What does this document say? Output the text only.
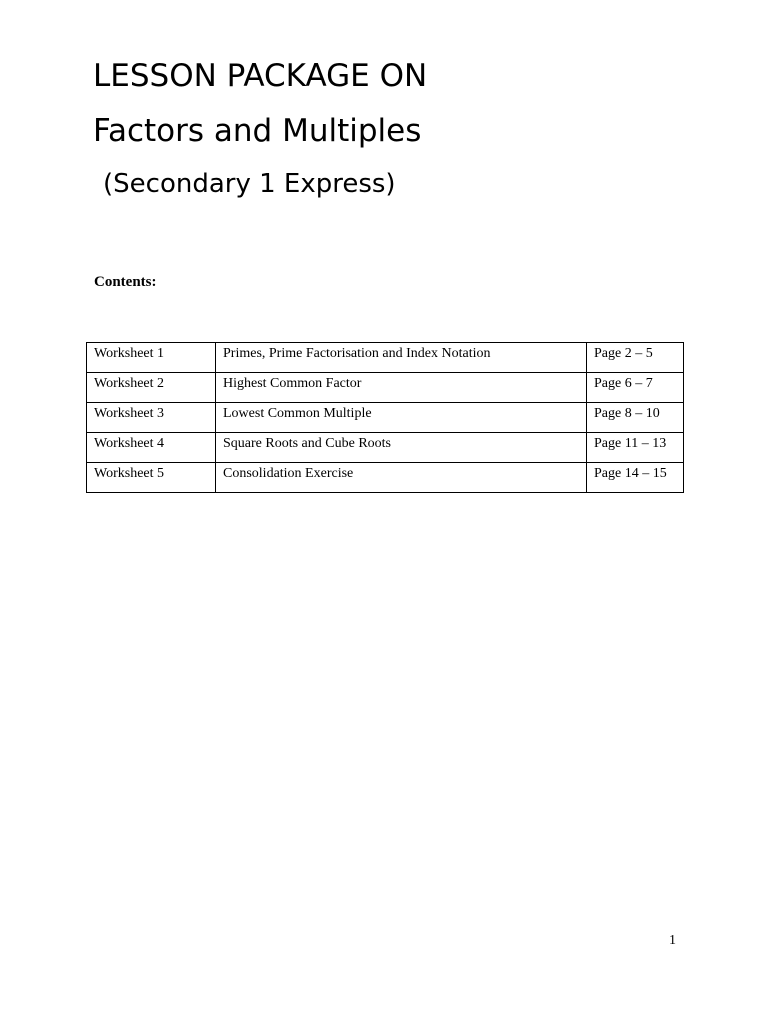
LESSON PACKAGE ON
Factors and Multiples
(Secondary 1 Express)
Contents:
Worksheet 1	Primes, Prime Factorisation and Index Notation	Page 2 – 5

Worksheet 2	Highest Common Factor	Page 6 – 7

Worksheet 3	Lowest Common Multiple	Page 8 – 10

Worksheet 4	Square Roots and Cube Roots	Page 11 – 13

Worksheet 5	Consolidation Exercise	Page 14 – 15
1
